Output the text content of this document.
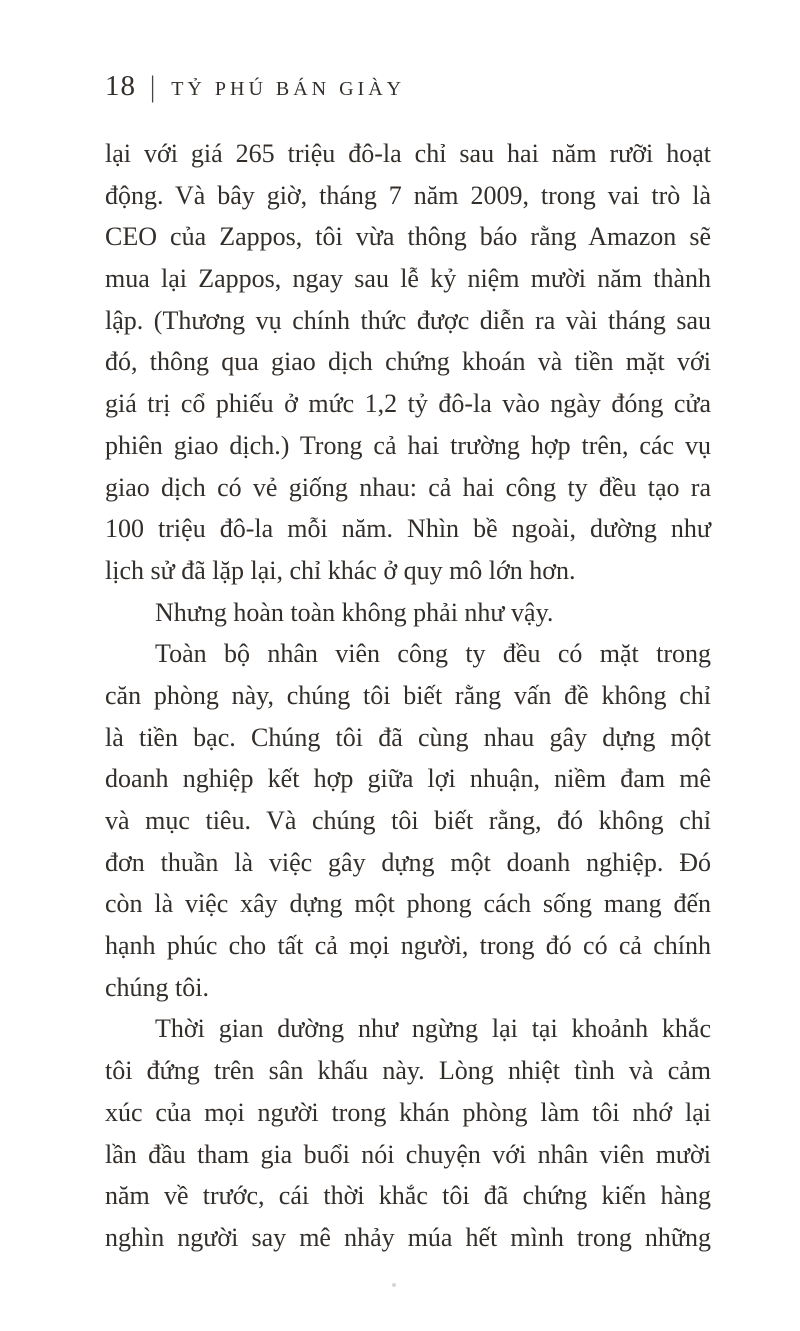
18 | TỶ PHÚ BÁN GIÀY

lại với giá 265 triệu đô-la chỉ sau hai năm rưỡi hoạt
động. Và bây giờ, tháng 7 năm 2009, trong vai trò là
CEO của Zappos, tôi vừa thông báo rằng Amazon sẽ
mua lại Zappos, ngay sau lễ kỷ niệm mười năm thành
lập. (Thương vụ chính thức được diễn ra vài tháng sau
đó, thông qua giao dịch chứng khoán và tiền mặt với
giá trị cổ phiếu ở mức 1,2 tỷ đô-la vào ngày đóng cửa
phiên giao dịch.) Trong cả hai trường hợp trên, các vụ
giao dịch có vẻ giống nhau: cả hai công ty đều tạo ra
100 triệu đô-la mỗi năm. Nhìn bề ngoài, dường như
lịch sử đã lặp lại, chỉ khác ở quy mô lớn hơn.

Nhưng hoàn toàn không phải như vậy.

Toàn bộ nhân viên công ty đều có mặt trong
căn phòng này, chúng tôi biết rằng vấn đề không chỉ
là tiền bạc. Chúng tôi đã cùng nhau gây dựng một
doanh nghiệp kết hợp giữa lợi nhuận, niềm đam mê
và mục tiêu. Và chúng tôi biết rằng, đó không chỉ
đơn thuần là việc gây dựng một doanh nghiệp. Đó
còn là việc xây dựng một phong cách sống mang đến
hạnh phúc cho tất cả mọi người, trong đó có cả chính
chúng tôi.

Thời gian dường như ngừng lại tại khoảnh khắc
tôi đứng trên sân khấu này. Lòng nhiệt tình và cảm
xúc của mọi người trong khán phòng làm tôi nhớ lại
lần đầu tham gia buổi nói chuyện với nhân viên mười
năm về trước, cái thời khắc tôi đã chứng kiến hàng
nghìn người say mê nhảy múa hết mình trong những
